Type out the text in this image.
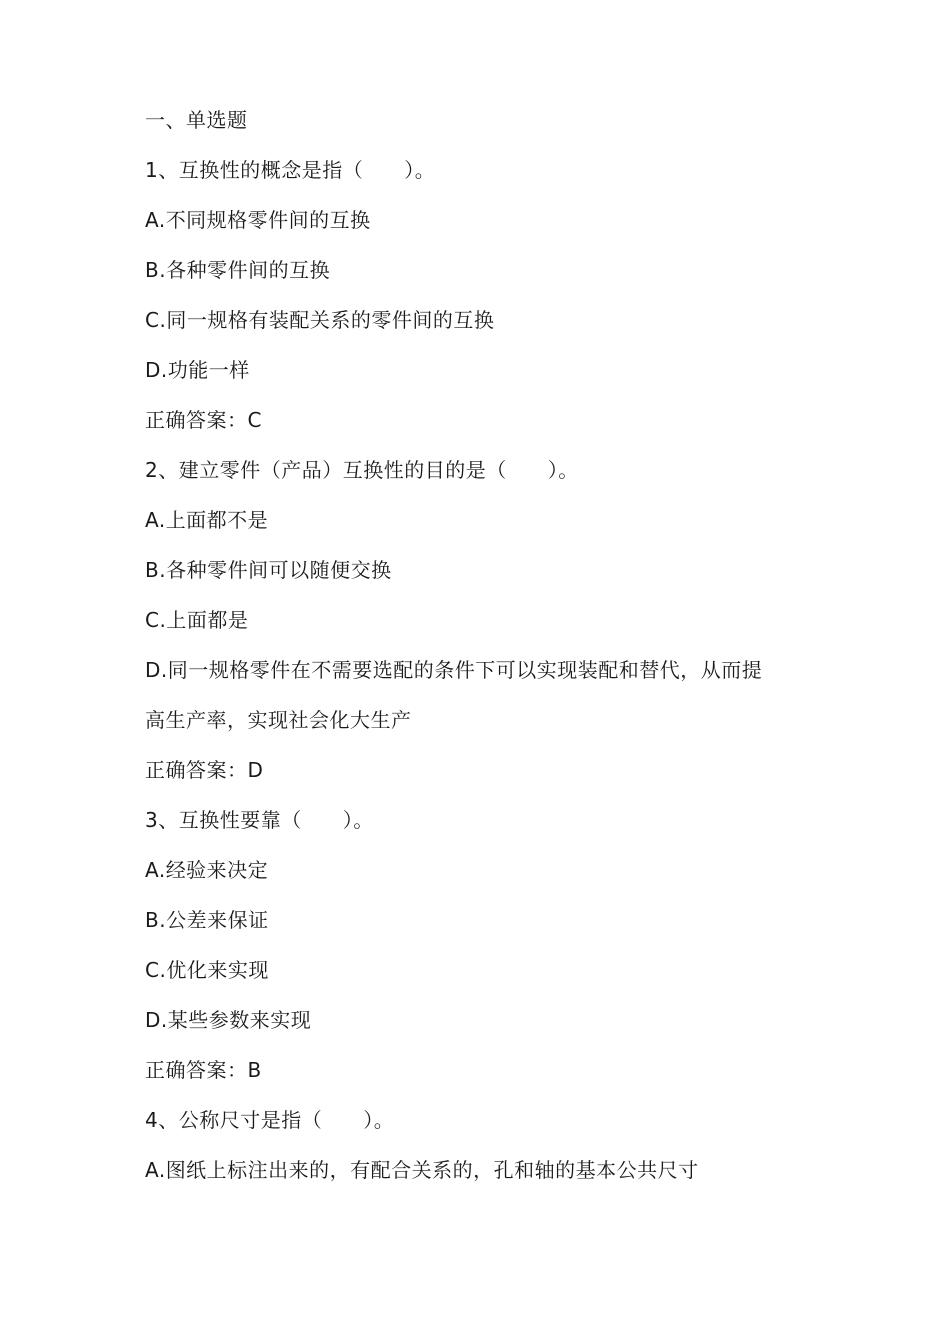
一、单选题
1、互换性的概念是指（　　）。
A.不同规格零件间的互换
B.各种零件间的互换
C.同一规格有装配关系的零件间的互换
D.功能一样
正确答案：C
2、建立零件（产品）互换性的目的是（　　）。
A.上面都不是
B.各种零件间可以随便交换
C.上面都是
D.同一规格零件在不需要选配的条件下可以实现装配和替代，从而提
高生产率，实现社会化大生产
正确答案：D
3、互换性要靠（　　）。
A.经验来决定
B.公差来保证
C.优化来实现
D.某些参数来实现
正确答案：B
4、公称尺寸是指（　　）。
A.图纸上标注出来的，有配合关系的，孔和轴的基本公共尺寸
